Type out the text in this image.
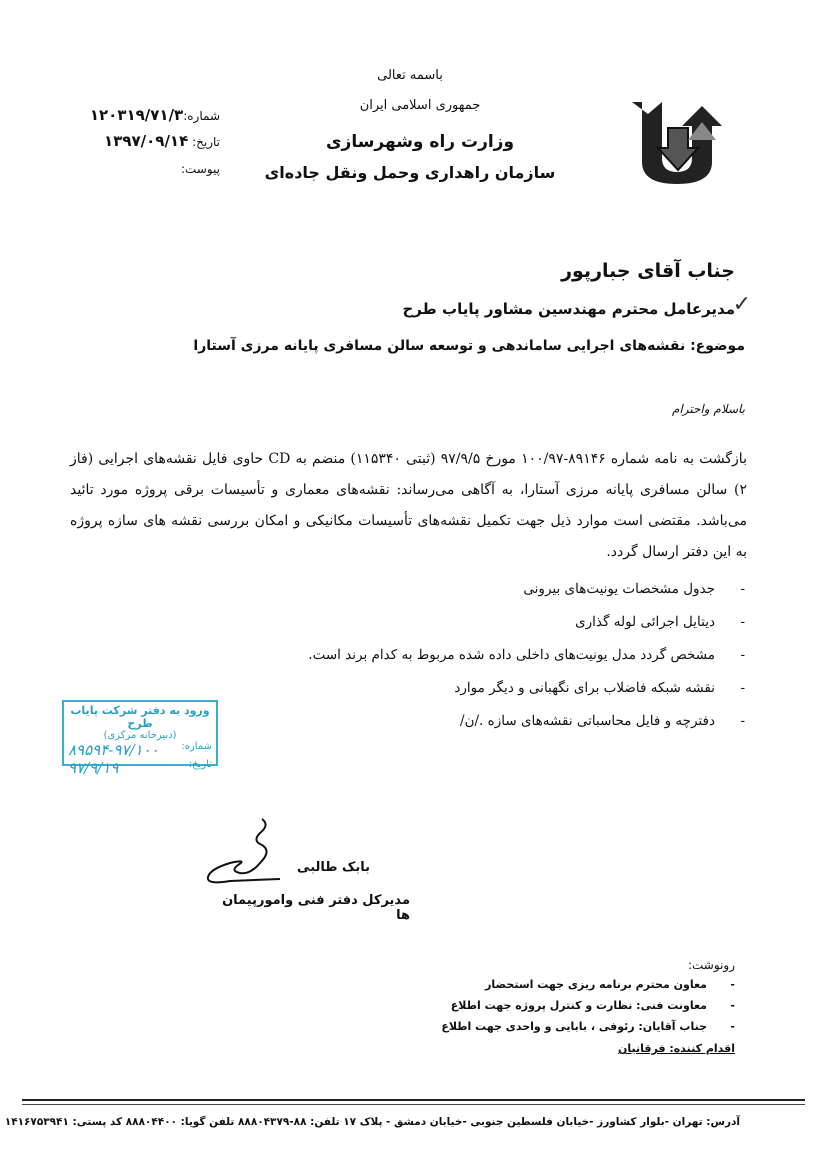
باسمه تعالی
جمهوری اسلامی ایران
وزارت راه وشهرسازی
سازمان راهداری وحمل ونقل جاده‌ای
شماره:۱۲۰۳۱۹/۷۱/۳
تاریخ: ۱۳۹۷/۰۹/۱۴
پیوست:
جناب آقای جبارپور
✓
مدیرعامل محترم مهندسین مشاور پایاب طرح
موضوع: نقشه‌های اجرایی ساماندهی و توسعه سالن مسافری پایانه مرزی آستارا
باسلام واحترام
بازگشت به نامه شماره ۸۹۱۴۶-۱۰۰/۹۷ مورخ ۹۷/۹/۵ (ثبتی ۱۱۵۳۴۰) منضم به CD حاوی فایل نقشه‌های اجرایی (فاز ۲) سالن مسافری پایانه مرزی آستارا، به آگاهی می‌رساند: نقشه‌های معماری و تأسیسات برقی پروژه مورد تائید می‌باشد. مقتضی است موارد ذیل جهت تکمیل نقشه‌های تأسیسات مکانیکی و امکان بررسی نقشه های سازه پروژه به این دفتر ارسال گردد.
-جدول مشخصات یونیت‌های بیرونی
-دیتایل اجرائی لوله گذاری
-مشخص گردد مدل یونیت‌های داخلی داده شده مربوط به کدام برند است.
-نقشه شبکه فاضلاب برای نگهبانی و دیگر موارد
-دفترچه و فایل محاسباتی نقشه‌های سازه ./ن/
ورود به دفتر شرکت پایاب طرح
(دبیرخانه مرکزی)
شماره:
۸۹۵۹۴-۹۷/۱۰۰
تاریخ:
۹۷/۹/۱۹
بابک طالبی
مدیرکل دفتر فنی وامورپیمان ها
رونوشت:
-معاون محترم برنامه ریزی جهت استحضار
-معاونت فنی: نظارت و کنترل پروژه جهت اطلاع
-جناب آقایان: رئوفی ، بابایی و واحدی جهت اطلاع
اقدام کننده: فرقانیان
آدرس: تهران -بلوار کشاورز -خیابان فلسطین جنوبی -خیابان دمشق - پلاک ۱۷ تلفن: ۸۸-۸۸۸۰۴۳۷۹ تلفن گویا: ۸۸۸۰۴۴۰۰ کد پستی: ۱۴۱۶۷۵۳۹۴۱
